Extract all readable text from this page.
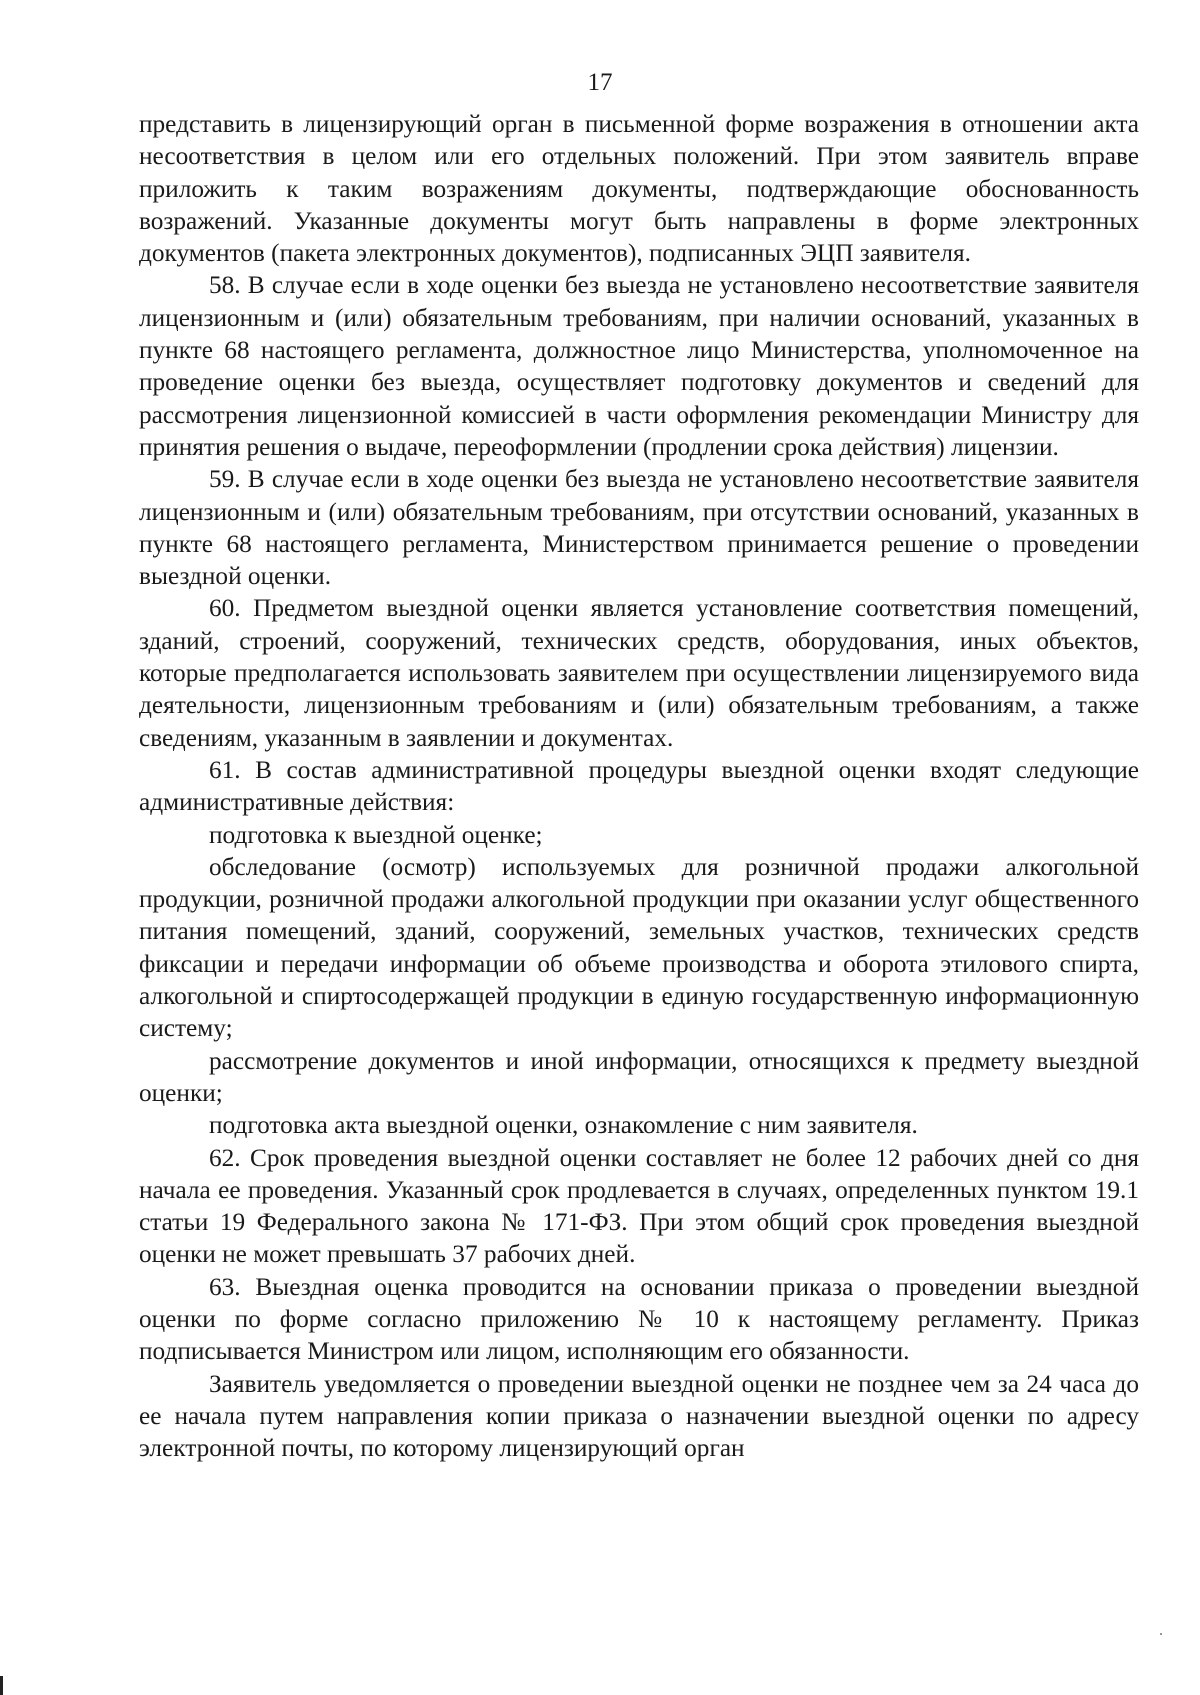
17

представить в лицензирующий орган в письменной форме возражения в отношении акта несоответствия в целом или его отдельных положений. При этом заявитель вправе приложить к таким возражениям документы, подтверждающие обоснованность возражений. Указанные документы могут быть направлены в форме электронных документов (пакета электронных документов), подписанных ЭЦП заявителя.

58. В случае если в ходе оценки без выезда не установлено несоответствие заявителя лицензионным и (или) обязательным требованиям, при наличии оснований, указанных в пункте 68 настоящего регламента, должностное лицо Министерства, уполномоченное на проведение оценки без выезда, осуществляет подготовку документов и сведений для рассмотрения лицензионной комиссией в части оформления рекомендации Министру для принятия решения о выдаче, переоформлении (продлении срока действия) лицензии.

59. В случае если в ходе оценки без выезда не установлено несоответствие заявителя лицензионным и (или) обязательным требованиям, при отсутствии оснований, указанных в пункте 68 настоящего регламента, Министерством принимается решение о проведении выездной оценки.

60. Предметом выездной оценки является установление соответствия помещений, зданий, строений, сооружений, технических средств, оборудования, иных объектов, которые предполагается использовать заявителем при осуществлении лицензируемого вида деятельности, лицензионным требованиям и (или) обязательным требованиям, а также сведениям, указанным в заявлении и документах.

61. В состав административной процедуры выездной оценки входят следующие административные действия:

подготовка к выездной оценке;

обследование (осмотр) используемых для розничной продажи алкогольной продукции, розничной продажи алкогольной продукции при оказании услуг общественного питания помещений, зданий, сооружений, земельных участков, технических средств фиксации и передачи информации об объеме производства и оборота этилового спирта, алкогольной и спиртосодержащей продукции в единую государственную информационную систему;

рассмотрение документов и иной информации, относящихся к предмету выездной оценки;

подготовка акта выездной оценки, ознакомление с ним заявителя.

62. Срок проведения выездной оценки составляет не более 12 рабочих дней со дня начала ее проведения. Указанный срок продлевается в случаях, определенных пунктом 19.1 статьи 19 Федерального закона № 171-ФЗ. При этом общий срок проведения выездной оценки не может превышать 37 рабочих дней.

63. Выездная оценка проводится на основании приказа о проведении выездной оценки по форме согласно приложению № 10 к настоящему регламенту. Приказ подписывается Министром или лицом, исполняющим его обязанности.

Заявитель уведомляется о проведении выездной оценки не позднее чем за 24 часа до ее начала путем направления копии приказа о назначении выездной оценки по адресу электронной почты, по которому лицензирующий орган
